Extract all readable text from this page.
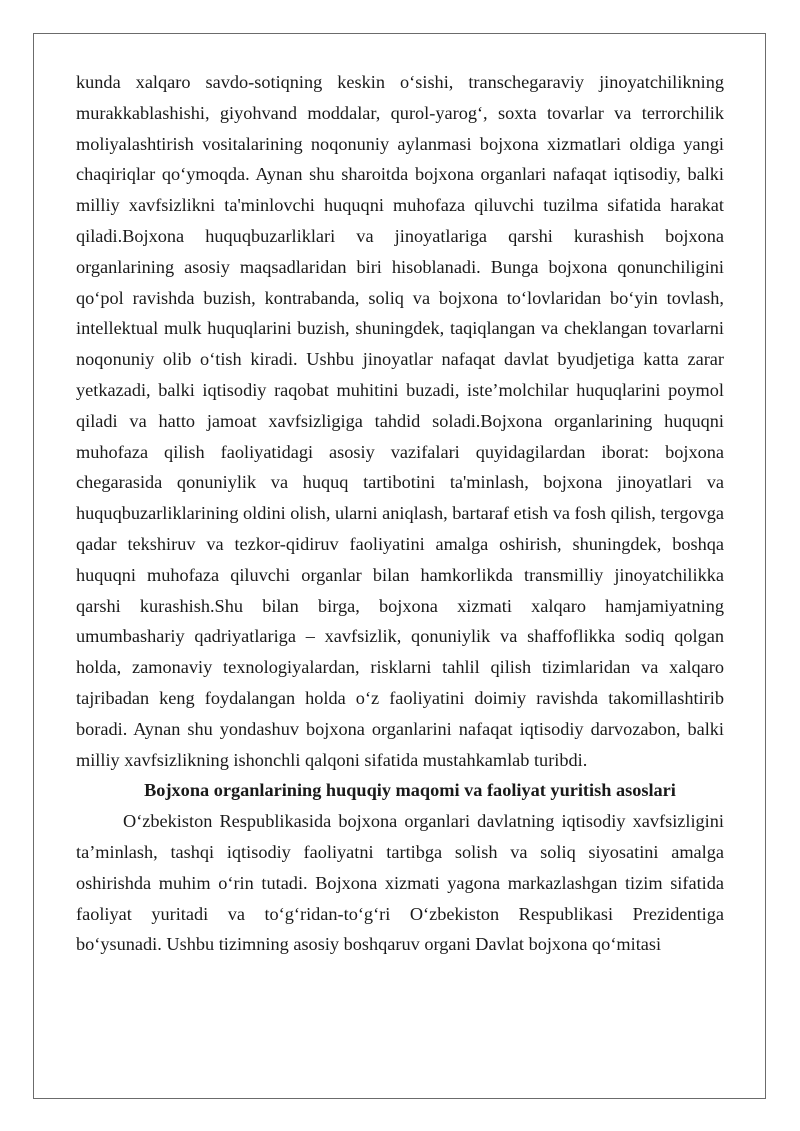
kunda xalqaro savdo-sotiqning keskin o‘sishi, transchegaraviy jinoyatchilikning murakkablashishi, giyohvand moddalar, qurol-yarog‘, soxta tovarlar va terrorchilik moliyalashtirish vositalarining noqonuniy aylanmasi bojxona xizmatlari oldiga yangi chaqiriqlar qo‘ymoqda. Aynan shu sharoitda bojxona organlari nafaqat iqtisodiy, balki milliy xavfsizlikni ta'minlovchi huquqni muhofaza qiluvchi tuzilma sifatida harakat qiladi.Bojxona huquqbuzarliklari va jinoyatlariga qarshi kurashish bojxona organlarining asosiy maqsadlaridan biri hisoblanadi. Bunga bojxona qonunchiligini qo‘pol ravishda buzish, kontrabanda, soliq va bojxona to‘lovlaridan bo‘yin tovlash, intellektual mulk huquqlarini buzish, shuningdek, taqiqlangan va cheklangan tovarlarni noqonuniy olib o‘tish kiradi. Ushbu jinoyatlar nafaqat davlat byudjetiga katta zarar yetkazadi, balki iqtisodiy raqobat muhitini buzadi, iste’molchilar huquqlarini poymol qiladi va hatto jamoat xavfsizligiga tahdid soladi.Bojxona organlarining huquqni muhofaza qilish faoliyatidagi asosiy vazifalari quyidagilardan iborat: bojxona chegarasida qonuniylik va huquq tartibotini ta'minlash, bojxona jinoyatlari va huquqbuzarliklarining oldini olish, ularni aniqlash, bartaraf etish va fosh qilish, tergovga qadar tekshiruv va tezkor-qidiruv faoliyatini amalga oshirish, shuningdek, boshqa huquqni muhofaza qiluvchi organlar bilan hamkorlikda transmilliy jinoyatchilikka qarshi kurashish.Shu bilan birga, bojxona xizmati xalqaro hamjamiyatning umumbashariy qadriyatlariga – xavfsizlik, qonuniylik va shaffoflikka sodiq qolgan holda, zamonaviy texnologiyalardan, risklarni tahlil qilish tizimlaridan va xalqaro tajribadan keng foydalangan holda o‘z faoliyatini doimiy ravishda takomillashtirib boradi. Aynan shu yondashuv bojxona organlarini nafaqat iqtisodiy darvozabon, balki milliy xavfsizlikning ishonchli qalqoni sifatida mustahkamlab turibdi.

Bojxona organlarining huquqiy maqomi va faoliyat yuritish asoslari

O‘zbekiston Respublikasida bojxona organlari davlatning iqtisodiy xavfsizligini ta’minlash, tashqi iqtisodiy faoliyatni tartibga solish va soliq siyosatini amalga oshirishda muhim o‘rin tutadi. Bojxona xizmati yagona markazlashgan tizim sifatida faoliyat yuritadi va to‘g‘ridan-to‘g‘ri O‘zbekiston Respublikasi Prezidentiga bo‘ysunadi. Ushbu tizimning asosiy boshqaruv organi Davlat bojxona qo‘mitasi
